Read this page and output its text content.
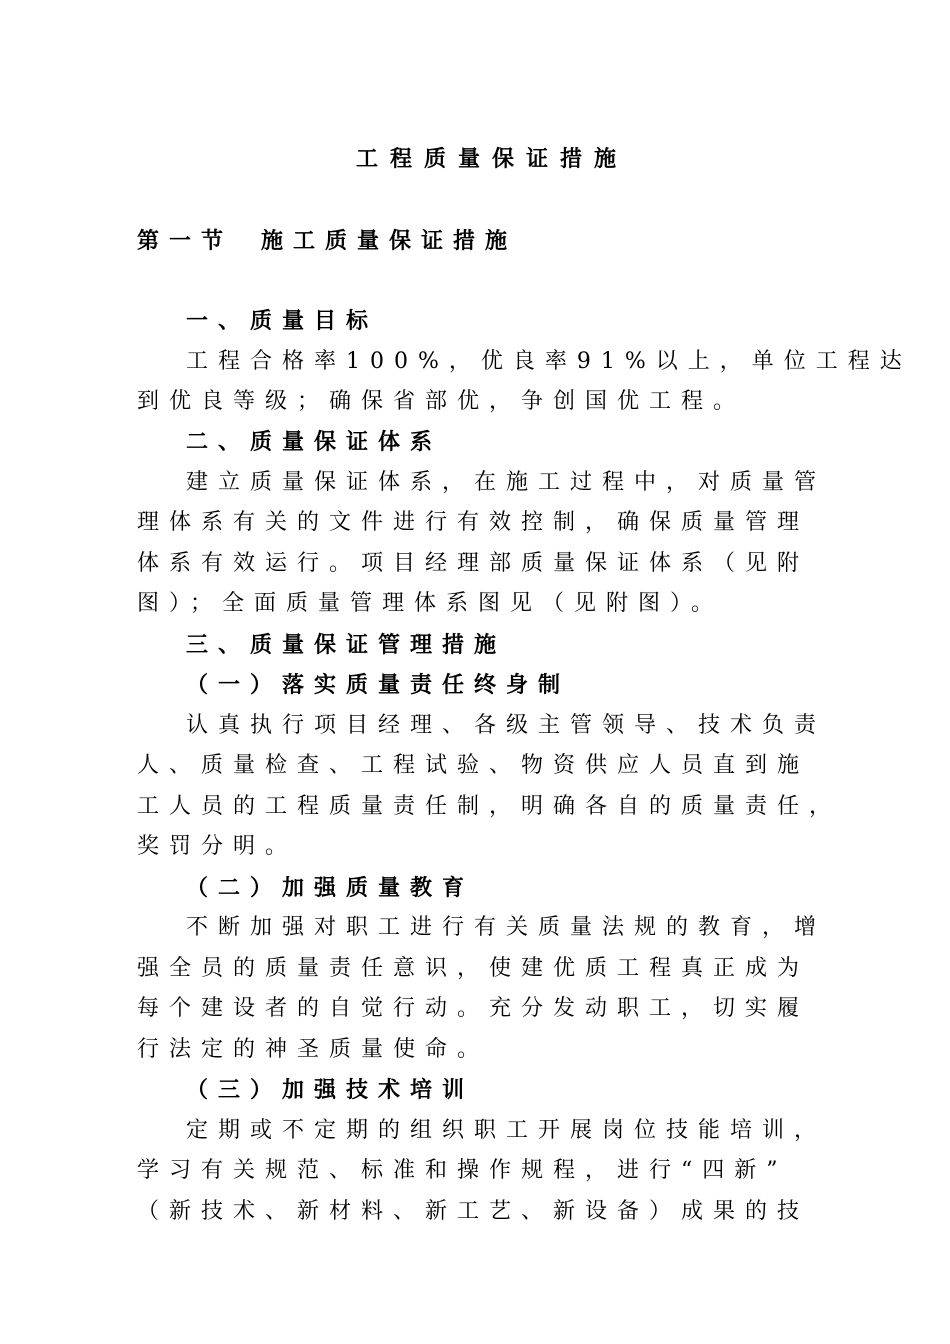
工程质量保证措施
第一节 施工质量保证措施
一、质量目标
工程合格率100%，优良率91%以上，单位工程达
到优良等级；确保省部优，争创国优工程。
二、质量保证体系
建立质量保证体系，在施工过程中，对质量管
理体系有关的文件进行有效控制，确保质量管理
体系有效运行。项目经理部质量保证体系（见附
图）；全面质量管理体系图见（见附图）。
三、质量保证管理措施
（一）落实质量责任终身制
认真执行项目经理、各级主管领导、技术负责
人、质量检查、工程试验、物资供应人员直到施
工人员的工程质量责任制，明确各自的质量责任，
奖罚分明。
（二）加强质量教育
不断加强对职工进行有关质量法规的教育，增
强全员的质量责任意识，使建优质工程真正成为
每个建设者的自觉行动。充分发动职工，切实履
行法定的神圣质量使命。
（三）加强技术培训
定期或不定期的组织职工开展岗位技能培训，
学习有关规范、标准和操作规程，进行“四新”
（新技术、新材料、新工艺、新设备）成果的技
